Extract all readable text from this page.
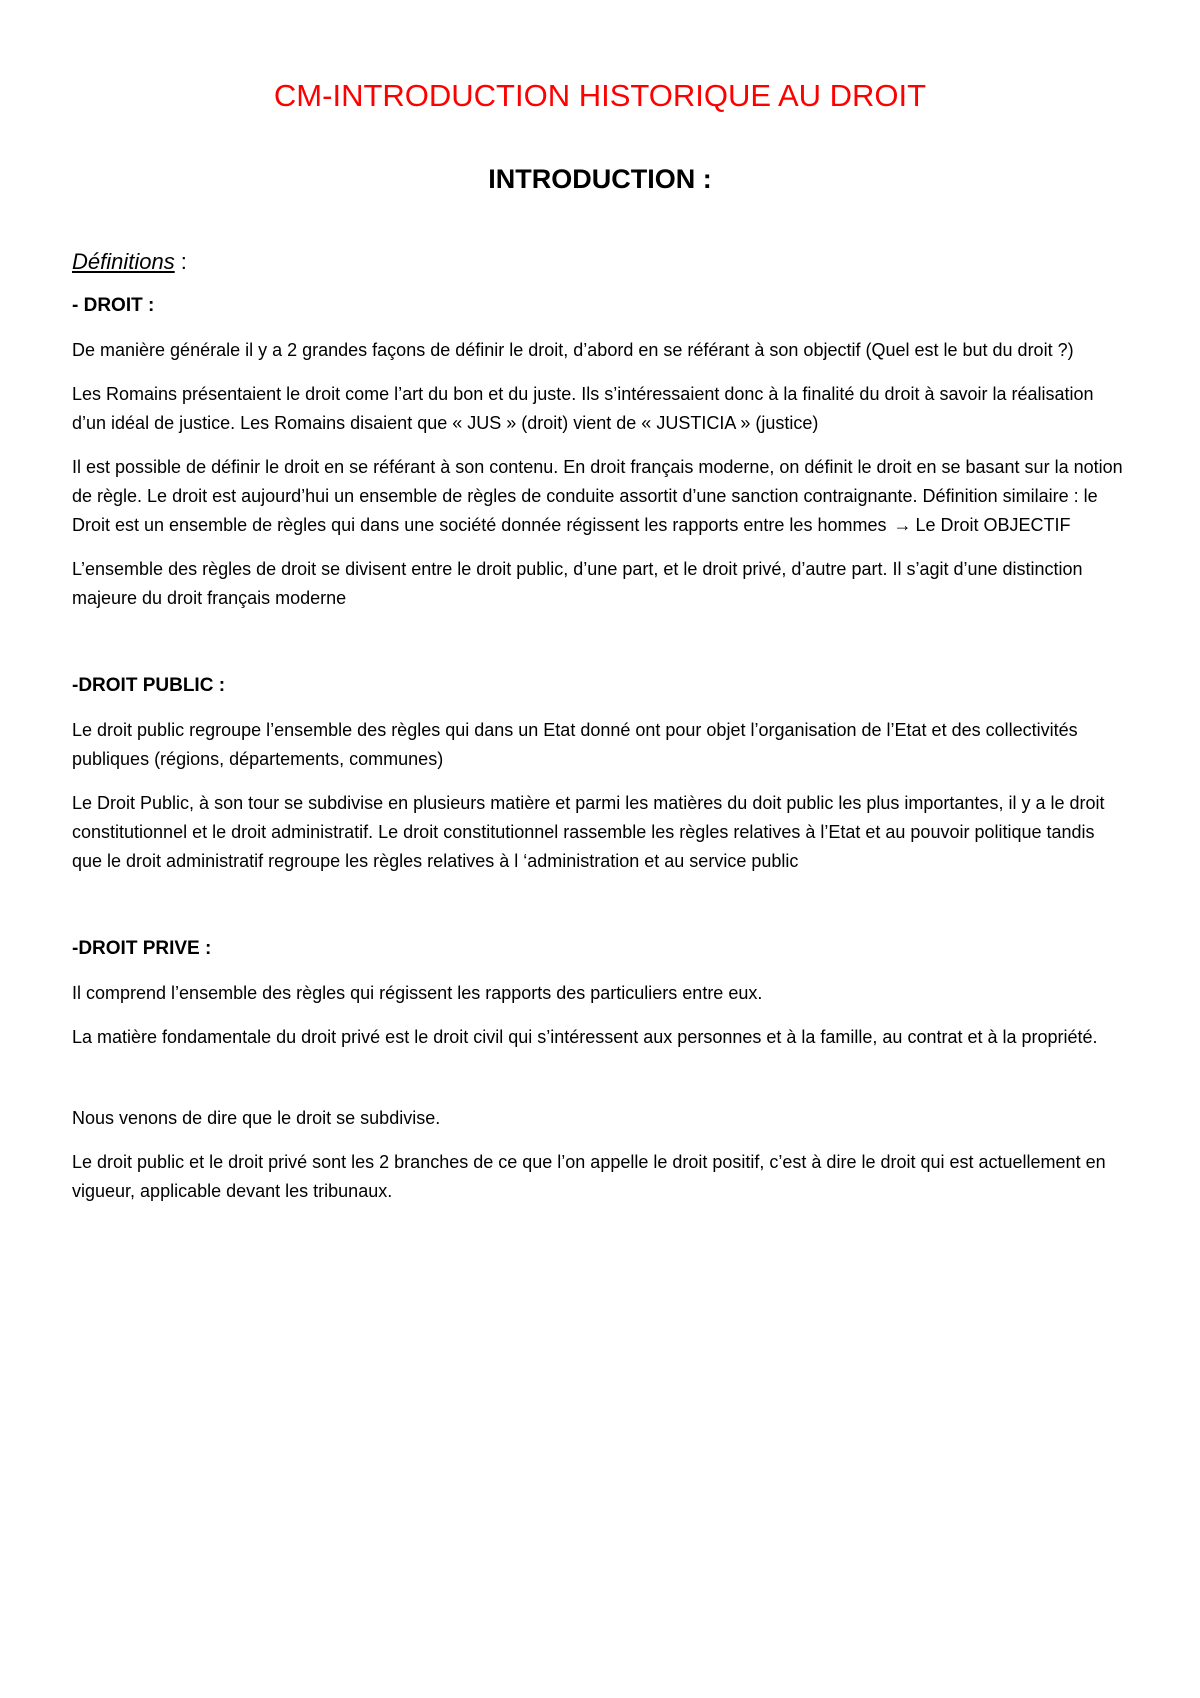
CM-INTRODUCTION HISTORIQUE AU DROIT
INTRODUCTION :
Définitions :
- DROIT :

De manière générale il y a 2 grandes façons de définir le droit, d’abord en se référant à son objectif (Quel est le but du droit ?)

Les Romains présentaient le droit come l’art du bon et du juste. Ils s’intéressaient donc à la finalité du droit à savoir la réalisation d’un idéal de justice. Les Romains disaient que « JUS » (droit) vient de « JUSTICIA » (justice)

Il est possible de définir le droit en se référant à son contenu. En droit français moderne, on définit le droit en se basant sur la notion de règle. Le droit est aujourd’hui un ensemble de règles de conduite assortit d’une sanction contraignante. Définition similaire : le Droit est un ensemble de règles qui dans une société donnée régissent les rapports entre les hommes → Le Droit OBJECTIF

L’ensemble des règles de droit se divisent entre le droit public, d’une part, et le droit privé, d’autre part. Il s’agit d’une distinction majeure du droit français moderne

-DROIT PUBLIC :

Le droit public regroupe l’ensemble des règles qui dans un Etat donné ont pour objet l’organisation de l’Etat et des collectivités publiques (régions, départements, communes)

Le Droit Public, à son tour se subdivise en plusieurs matière et parmi les matières du doit public les plus importantes, il y a le droit constitutionnel et le droit administratif. Le droit constitutionnel rassemble les règles relatives à l’Etat et au pouvoir politique tandis que le droit administratif regroupe les règles relatives à l ‘administration et au service public

-DROIT PRIVE :

Il comprend l’ensemble des règles qui régissent les rapports des particuliers entre eux.

La matière fondamentale du droit privé est le droit civil qui s’intéressent aux personnes et à la famille, au contrat et à la propriété.

Nous venons de dire que le droit se subdivise.

Le droit public et le droit privé sont les 2 branches de ce que l’on appelle le droit positif, c’est à dire le droit qui est actuellement en vigueur, applicable devant les tribunaux.
